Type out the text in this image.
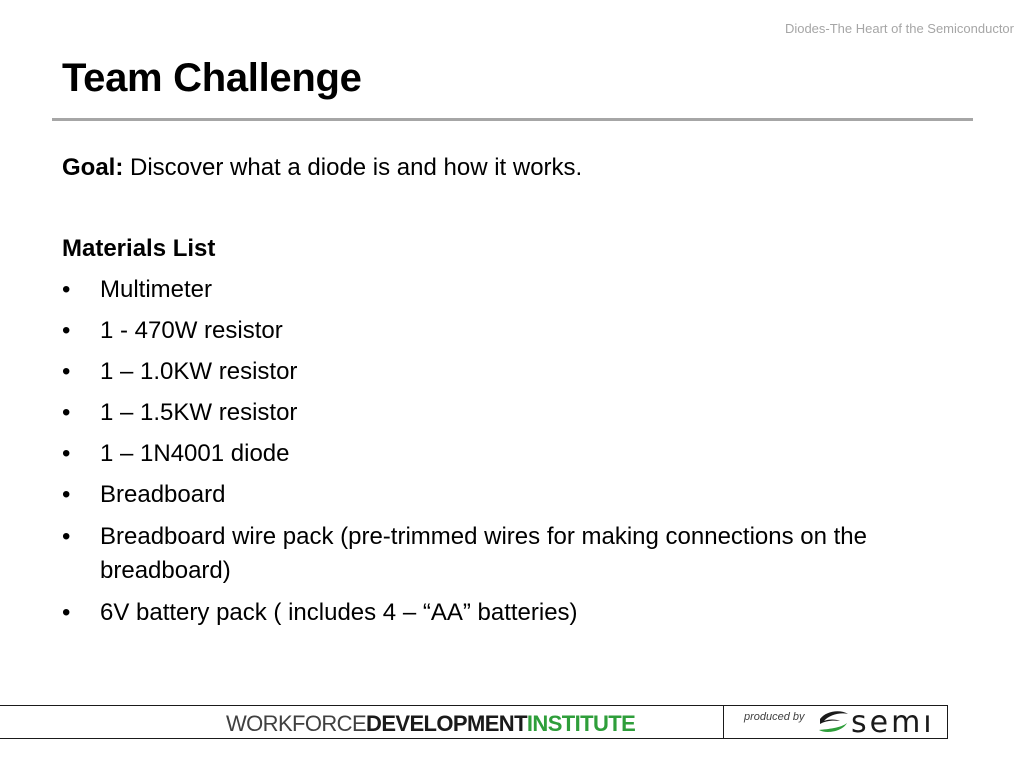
Diodes-The Heart of the Semiconductor
Team Challenge

Goal: Discover what a diode is and how it works.

Materials List

• Multimeter
• 1 - 470W resistor
• 1 – 1.0KW resistor
• 1 – 1.5KW resistor
• 1 – 1N4001 diode
• Breadboard
• Breadboard wire pack (pre-trimmed wires for making connections on the breadboard)
• 6V battery pack ( includes 4 – “AA” batteries)
WORKFORCEDEVELOPMENTINSTITUTE	produced by semı
